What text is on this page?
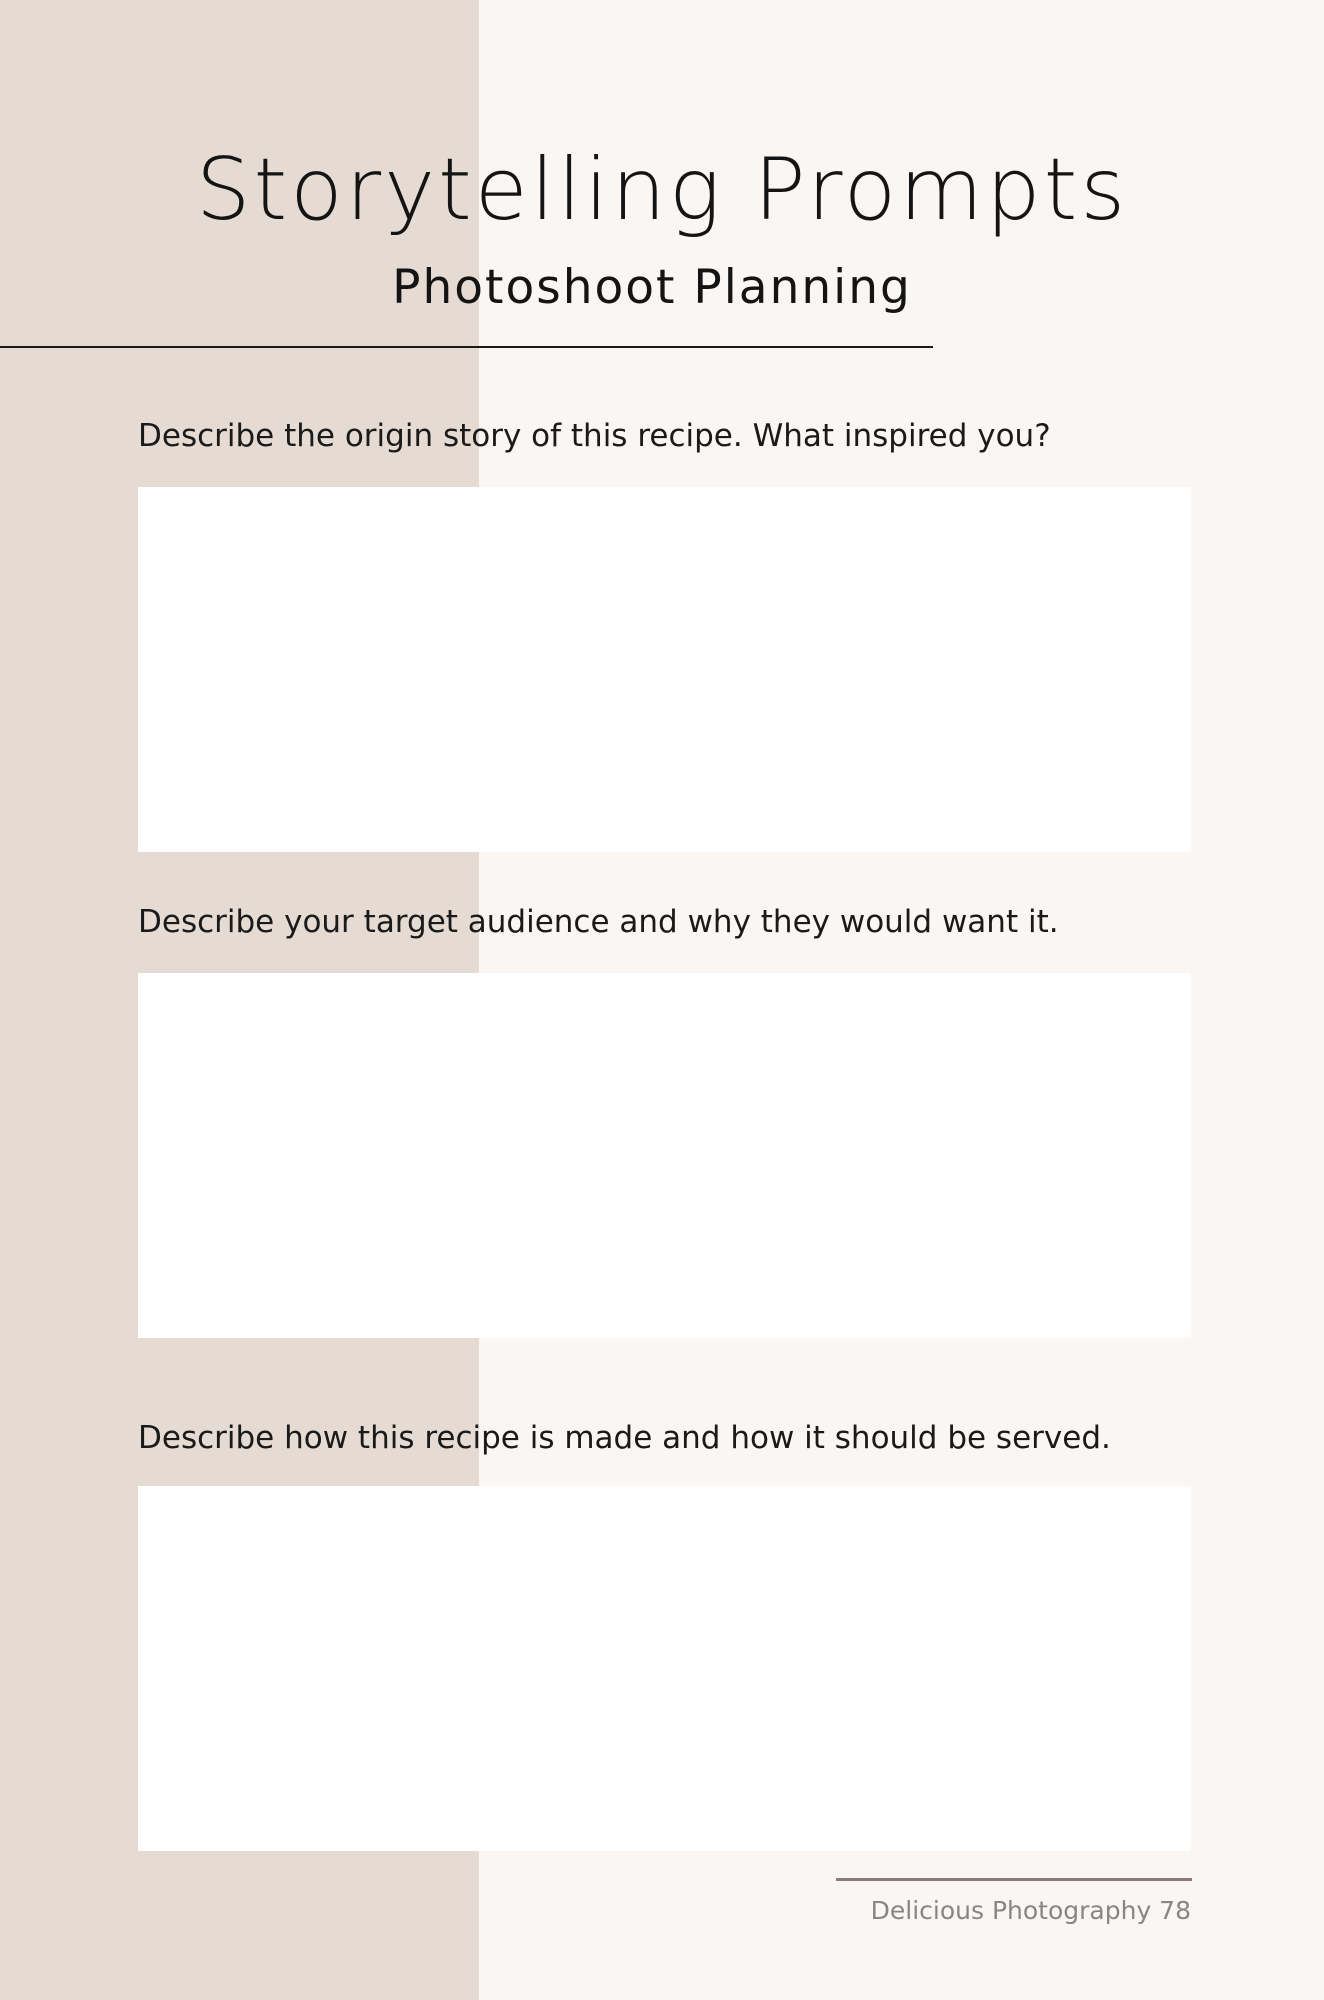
Storytelling Prompts
Photoshoot Planning
Describe the origin story of this recipe. What inspired you?
Describe your target audience and why they would want it.
Describe how this recipe is made and how it should be served.
Delicious Photography 78
